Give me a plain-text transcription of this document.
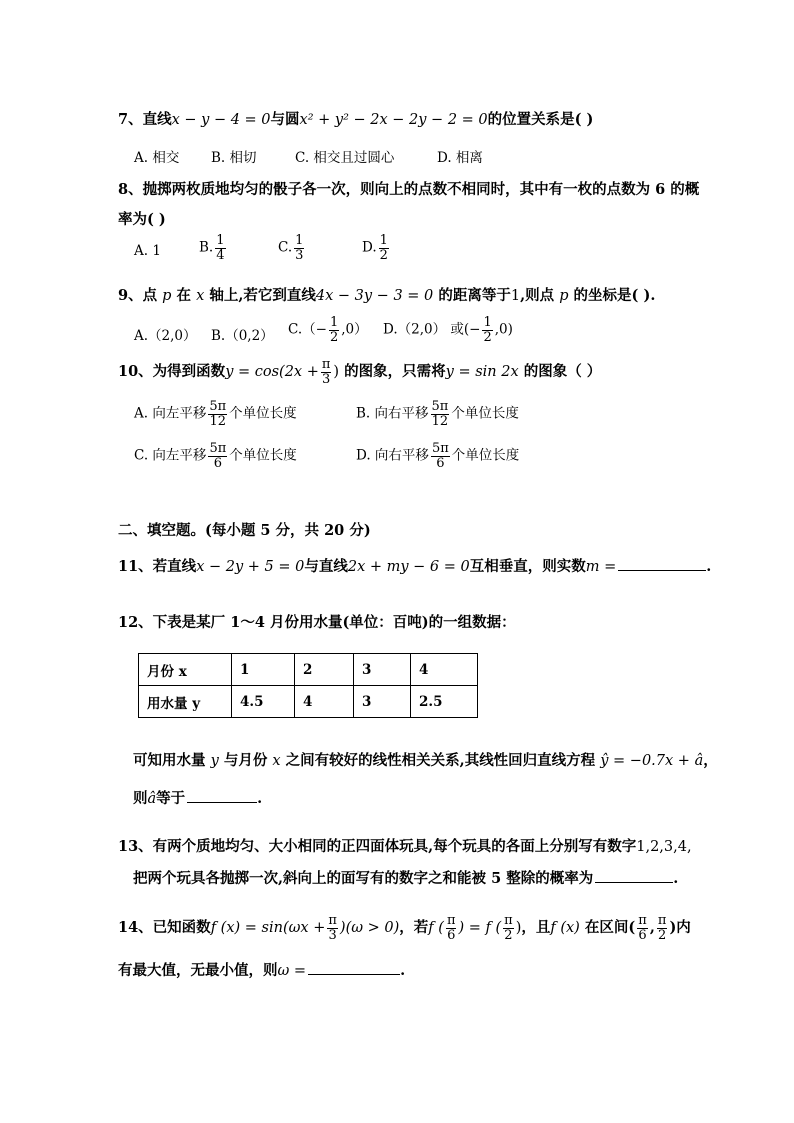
7、直线x − y − 4 = 0与圆x² + y² − 2x − 2y − 2 = 0的位置关系是( )
A. 相交 B. 相切	C. 相交且过圆心	D. 相离
8、抛掷两枚质地均匀的骰子各一次，则向上的点数不相同时，其中有一枚的点数为 6 的概
率为( )
A. 1	B. $\frac{1}{4}$	C. $\frac{1}{3}$	D. $\frac{1}{2}$
9、点 p 在 x 轴上,若它到直线4x − 3y − 3 = 0 的距离等于1,则点 p 的坐标是( ).
A.（2,0） B.（0,2） $C.(- \frac{1}{2} ,0)$ D.（2,0） 或(− $\frac{1}{2} ,0$)
10、为得到函数$y = \cos(2x + \frac{\pi}{3}$ ) 的图象，只需将y = sin 2x 的图象（ ）
A. 向左平移 $\frac{5\pi}{12}$ 个单位长度	B. 向右平移 $\frac{5\pi}{12}$ 个单位长度
C. 向左平移 $\frac{5\pi}{6}$ 个单位长度	D. 向右平移 $\frac{5\pi}{6}$ 个单位长度
二、填空题。(每小题 5 分，共 20 分)
11、若直线x − 2y + 5 = 0与直线2x + my − 6 = 0互相垂直，则实数m =	.
12、下表是某厂 1～4 月份用水量(单位：百吨)的一组数据：
月份 x	1	2	3	4
用水量 y	4.5	4	3	2.5
可知用水量 y 与月份 x 之间有较好的线性相关关系,其线性回归直线方程 ŷ = −0.7x + â，
则â等于	.
13、有两个质地均匀、大小相同的正四面体玩具,每个玩具的各面上分别写有数字1,2,3,4,
把两个玩具各抛掷一次,斜向上的面写有的数字之和能被 5 整除的概率为	.
14、已知函数f $(x) = \sin(\omega x + \frac{\pi}{3} )(\omega > 0)$，若f ( $\frac{\pi}{6}$ ) = f ( $\frac{\pi}{2}$ )，且f (x) 在区间( $\frac{\pi}{6}$ , $\frac{\pi}{2}$ )内
有最大值，无最小值，则ω =	.
